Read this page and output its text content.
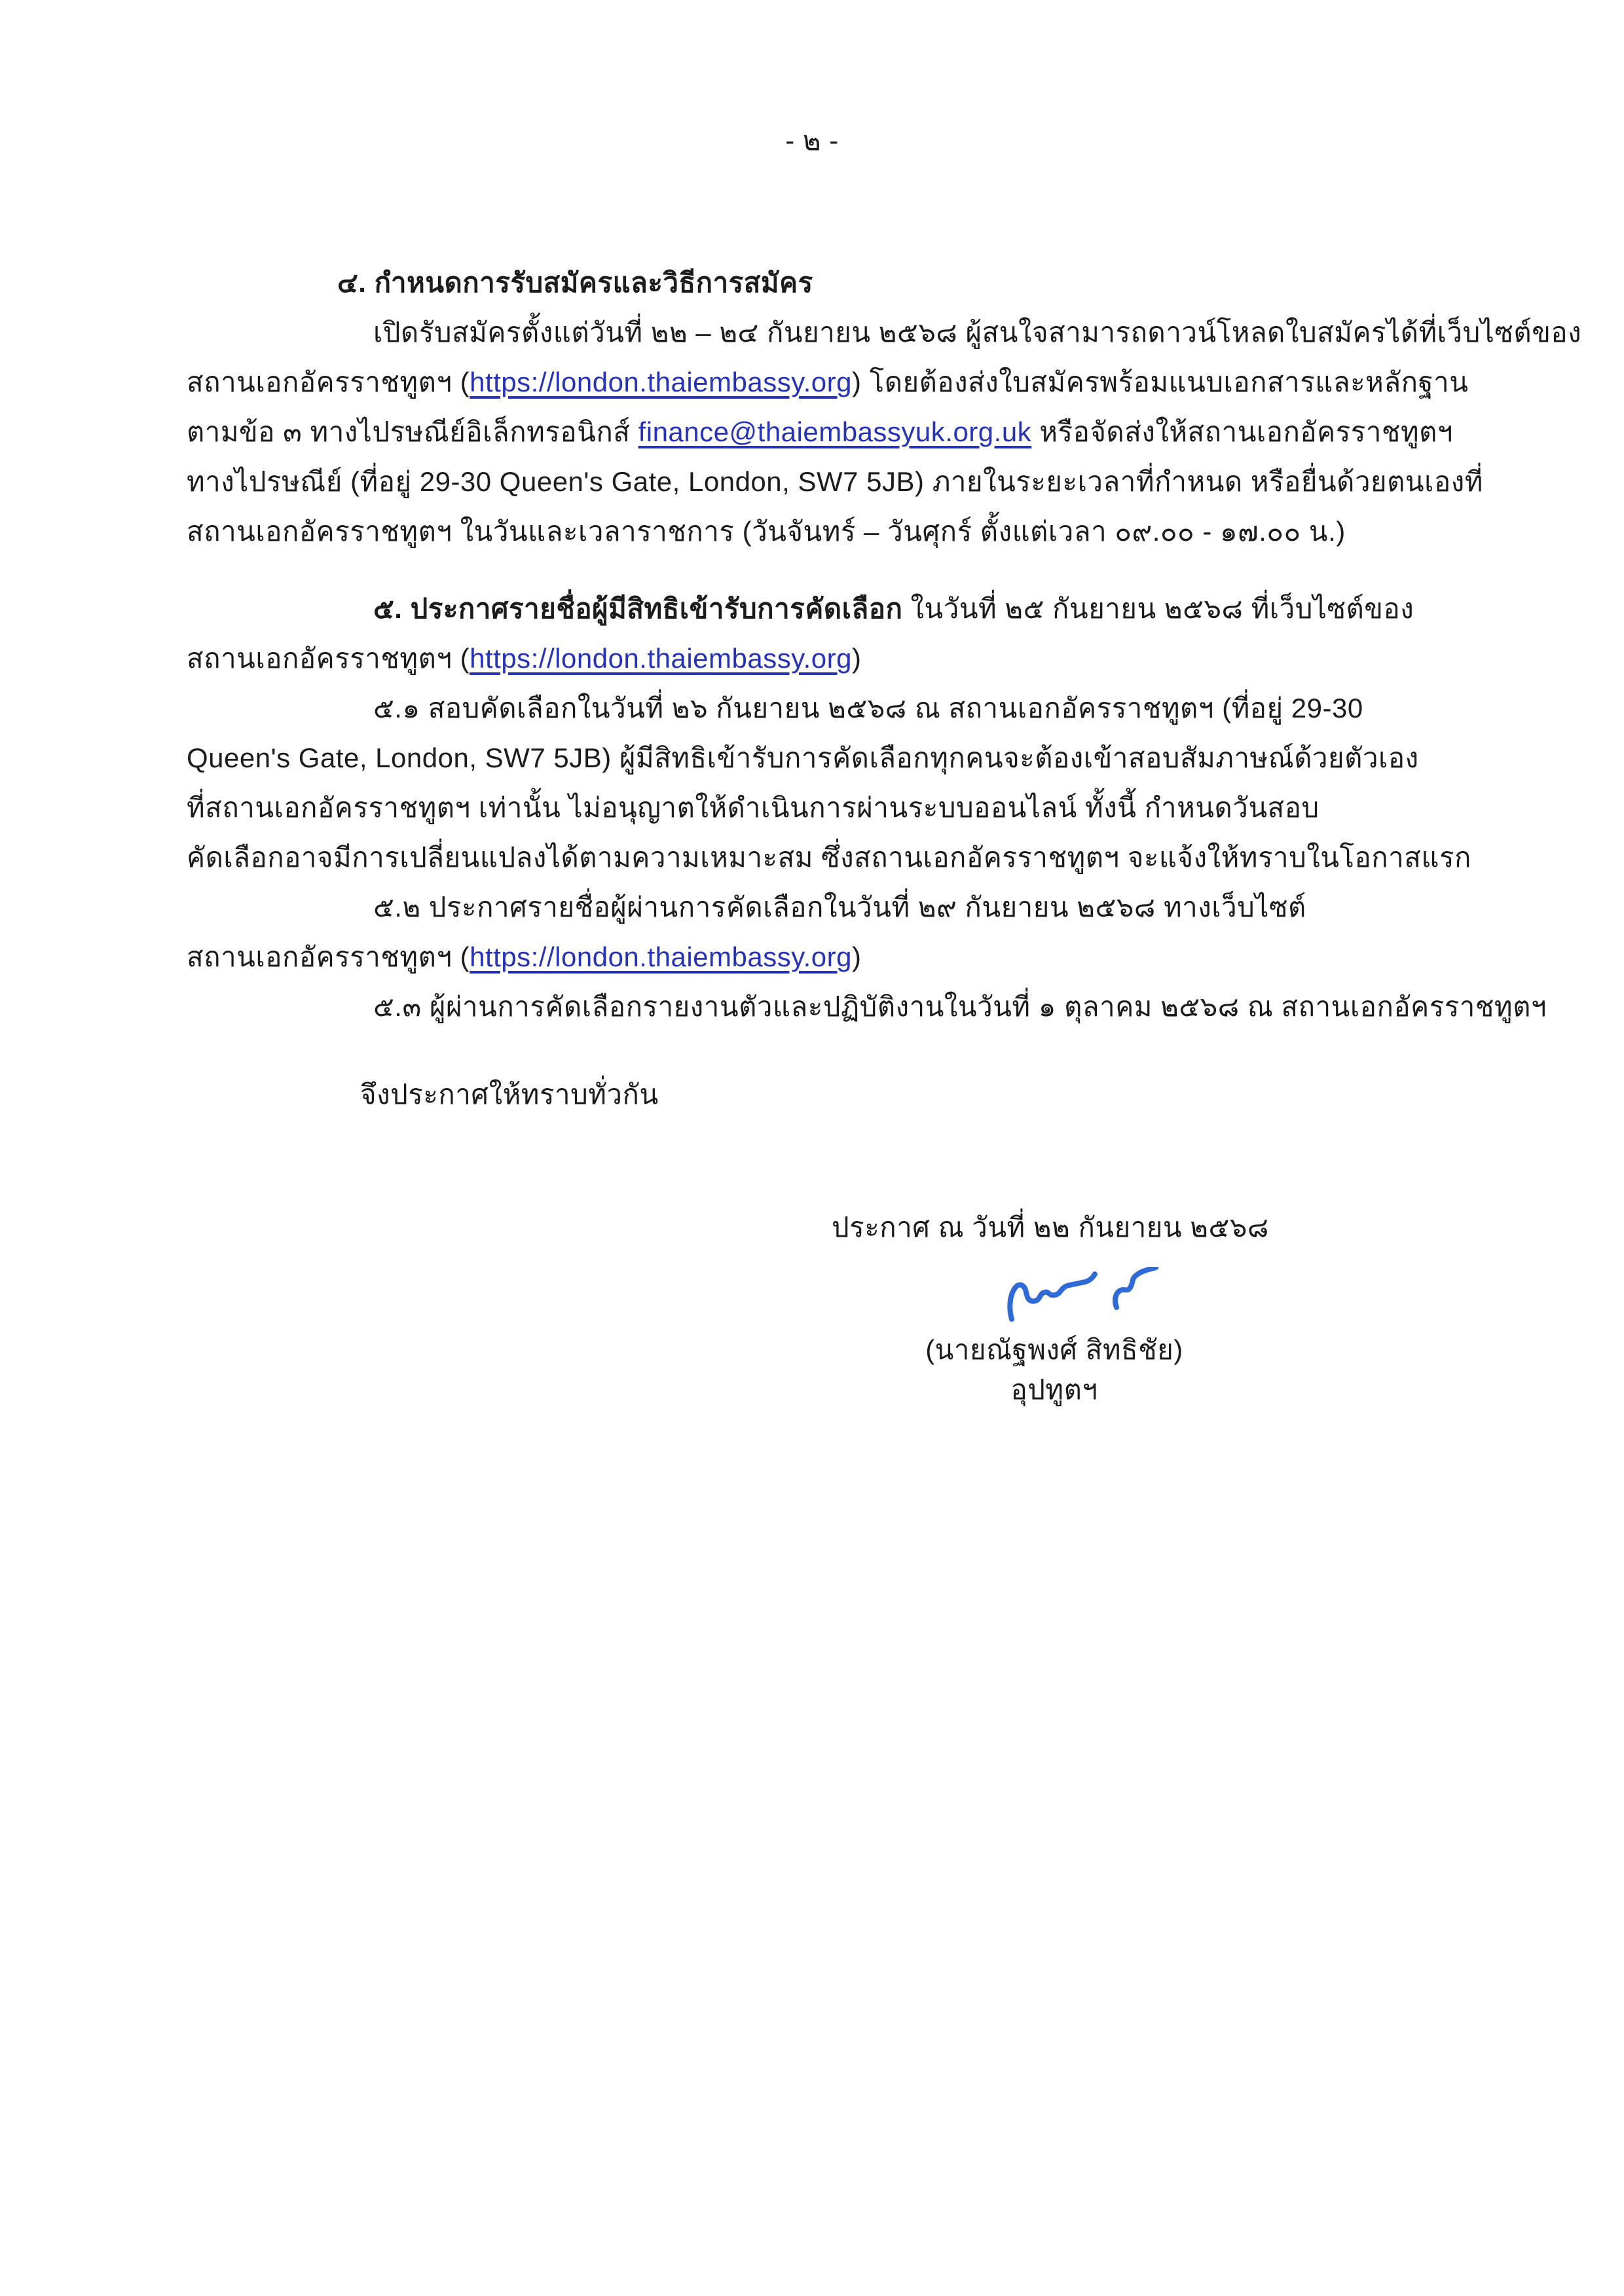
- ๒ -
๔. กำหนดการรับสมัครและวิธีการสมัคร
เปิดรับสมัครตั้งแต่วันที่ ๒๒ – ๒๔ กันยายน ๒๕๖๘ ผู้สนใจสามารถดาวน์โหลดใบสมัครได้ที่เว็บไซต์ของ
สถานเอกอัครราชทูตฯ (https://london.thaiembassy.org) โดยต้องส่งใบสมัครพร้อมแนบเอกสารและหลักฐาน
ตามข้อ ๓ ทางไปรษณีย์อิเล็กทรอนิกส์ finance@thaiembassyuk.org.uk หรือจัดส่งให้สถานเอกอัครราชทูตฯ
ทางไปรษณีย์ (ที่อยู่ 29-30 Queen's Gate, London, SW7 5JB) ภายในระยะเวลาที่กำหนด หรือยื่นด้วยตนเองที่
สถานเอกอัครราชทูตฯ ในวันและเวลาราชการ (วันจันทร์ – วันศุกร์ ตั้งแต่เวลา ๐๙.๐๐ - ๑๗.๐๐ น.)
๕. ประกาศรายชื่อผู้มีสิทธิเข้ารับการคัดเลือก ในวันที่ ๒๕ กันยายน ๒๕๖๘ ที่เว็บไซต์ของ
สถานเอกอัครราชทูตฯ (https://london.thaiembassy.org)
๕.๑ สอบคัดเลือกในวันที่ ๒๖ กันยายน ๒๕๖๘ ณ สถานเอกอัครราชทูตฯ (ที่อยู่ 29-30
Queen's Gate, London, SW7 5JB) ผู้มีสิทธิเข้ารับการคัดเลือกทุกคนจะต้องเข้าสอบสัมภาษณ์ด้วยตัวเอง
ที่สถานเอกอัครราชทูตฯ เท่านั้น ไม่อนุญาตให้ดำเนินการผ่านระบบออนไลน์ ทั้งนี้ กำหนดวันสอบ
คัดเลือกอาจมีการเปลี่ยนแปลงได้ตามความเหมาะสม ซึ่งสถานเอกอัครราชทูตฯ จะแจ้งให้ทราบในโอกาสแรก
๕.๒ ประกาศรายชื่อผู้ผ่านการคัดเลือกในวันที่ ๒๙ กันยายน ๒๕๖๘ ทางเว็บไซต์
สถานเอกอัครราชทูตฯ (https://london.thaiembassy.org)
๕.๓ ผู้ผ่านการคัดเลือกรายงานตัวและปฏิบัติงานในวันที่ ๑ ตุลาคม ๒๕๖๘ ณ สถานเอกอัครราชทูตฯ
จึงประกาศให้ทราบทั่วกัน
ประกาศ ณ วันที่ ๒๒ กันยายน ๒๕๖๘
(นายณัฐพงศ์ สิทธิชัย)
อุปทูตฯ
